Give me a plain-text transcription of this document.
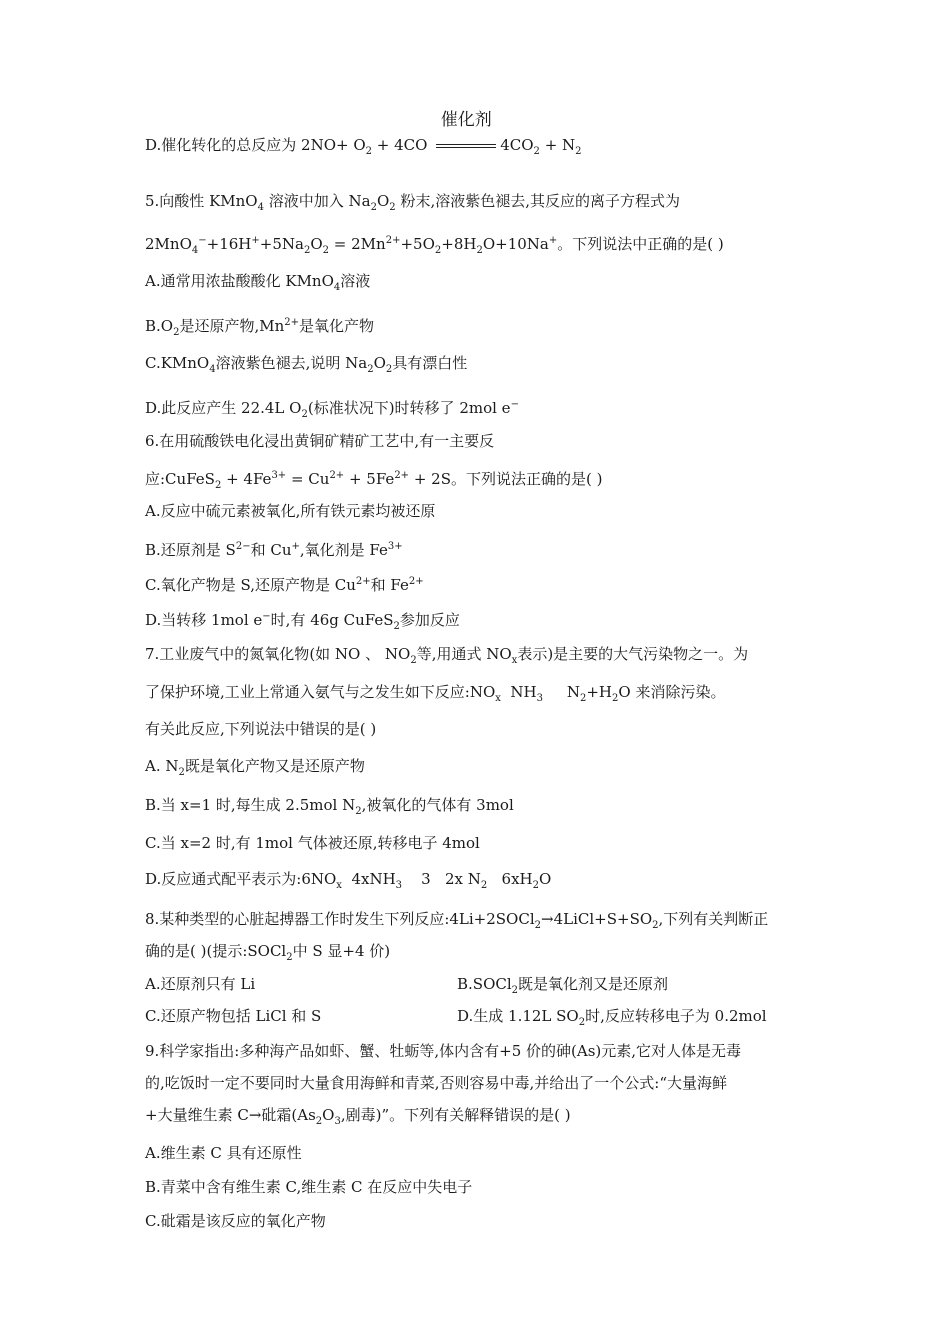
D.催化转化的总反应为 $2NO+ O_2 + 4CO$
催化剂
$4CO_2 + N_2$
5.向酸性 KMnO$_4$ 溶液中加入 $Na_2O_2$ 粉末,溶液紫色褪去,其反应的离子方程式为
$2MnO_4^-+16H^++5Na_2O_2 = 2Mn^{2+}+5O_2+8H_2O+10Na^+$。下列说法中正确的是( )
A.通常用浓盐酸酸化 KMnO$_4$溶液
$B.O_2$是还原产物$,Mn^{2+}$是氧化产物
C.KMnO$_4$溶液紫色褪去,说明 $Na_2O_2$具有漂白性
D.此反应产生 22.4L $O_2$(标准状况下)时转移了 2mol e−
6.在用硫酸铁电化浸出黄铜矿精矿工艺中,有一主要反
应:CuFeS$_2$ + $4Fe^{3+} = Cu^{2+} + 5Fe^{2+} + 2S$。下列说法正确的是( )
A.反应中硫元素被氧化,所有铁元素均被还原
B.还原剂是 $S^{2-}$和 Cu+,氧化剂是 $Fe^{3+}$
C.氧化产物是 S,还原产物是 $Cu^{2+}$和 $Fe^{2+}$
D.当转移 1mol e−时,有 46g CuFeS$_2$参加反应
7.工业废气中的氮氧化物(如 NO 、 $NO_2$等,用通式 $NO_x$表示)是主要的大气污染物之一。为
了保护环境,工业上常通入氨气与之发生如下反应$:NO_x$  $NH_3$     $N_2+H_2O$ 来消除污染。
有关此反应,下列说法中错误的是( )
A. $N_2$既是氧化产物又是还原产物
B.当 x=1 时,每生成 2.5mol $N_2$,被氧化的气体有 3mol
C.当 x=2 时,有 1mol 气体被还原,转移电子 4mol
D.反应通式配平表示为$:6NO_x$  4xNH$_3$    3   2x $N_2$   $6xH_2O$
8.某种类型的心脏起搏器工作时发生下列反应$:4Li+2SOCl_2\to 4LiCl+S+SO_2$,下列有关判断正
确的是( )(提示:SOCl$_2$中 S 显+4 价)
A.还原剂只有 Li	B.SOCl$_2$既是氧化剂又是还原剂
C.还原产物包括 LiCl 和 S	D.生成 1.12L $SO_2$时,反应转移电子为 0.2mol
9.科学家指出:多种海产品如虾、蟹、牡蛎等,体内含有+5 价的砷(As)元素,它对人体是无毒
的,吃饭时一定不要同时大量食用海鲜和青菜,否则容易中毒,并给出了一个公式:“大量海鲜
+大量维生素 C→砒霜($As_2O_3$,剧毒)”。下列有关解释错误的是( )
A.维生素 C 具有还原性
B.青菜中含有维生素 C,维生素 C 在反应中失电子
C.砒霜是该反应的氧化产物
